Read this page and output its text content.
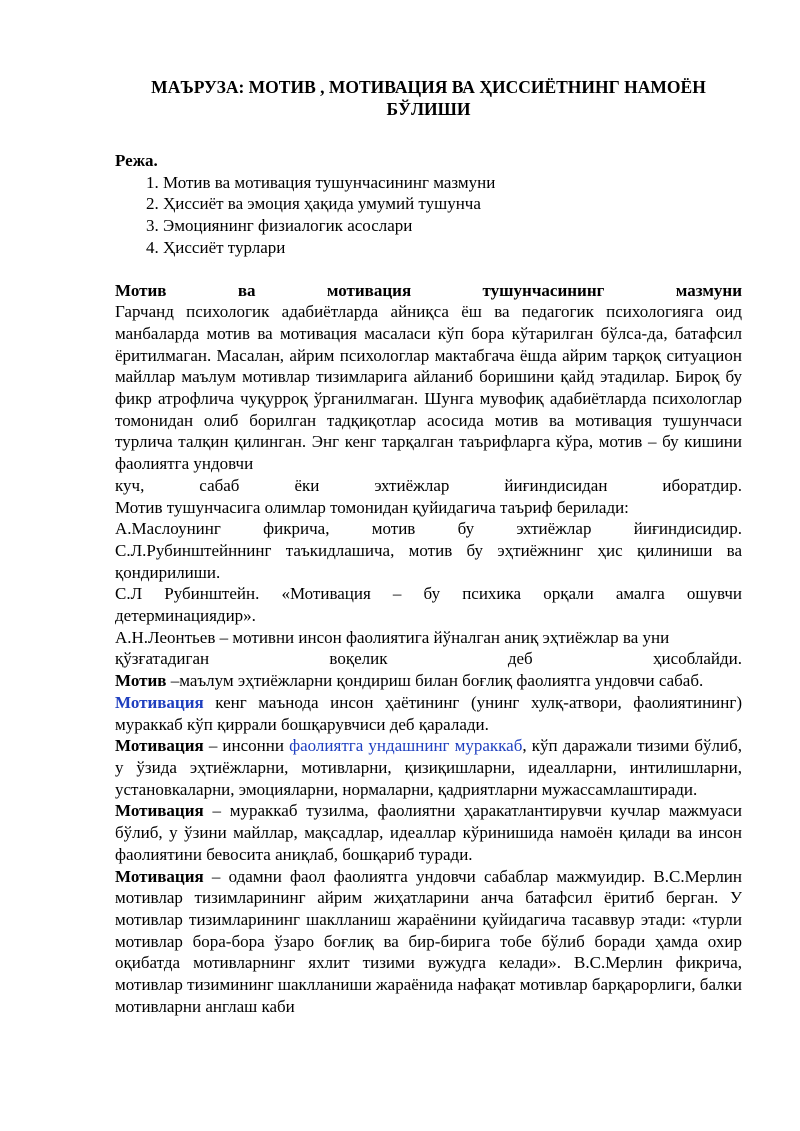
МАЪРУЗА: МОТИВ , МОТИВАЦИЯ ВА ҲИССИЁТНИНГ НАМОЁН БЎЛИШИ

Режа.

1. Мотив ва мотивация тушунчасининг мазмуни
2. Ҳиссиёт ва эмоция ҳақида умумий тушунча
3. Эмоциянинг физиалогик асослари
4. Ҳиссиёт турлари

Мотив ва мотивация тушунчасининг мазмуни

Гарчанд психологик адабиётларда айниқса ёш ва педагогик психологияга оид манбаларда мотив ва мотивация масаласи кўп бора кўтарилган бўлса-да, батафсил ёритилмаган. Масалан, айрим психологлар мактабгача ёшда айрим тарқоқ ситуацион майллар маълум мотивлар тизимларига айланиб боришини қайд этадилар. Бироқ бу фикр атрофлича чуқурроқ ўрганилмаган. Шунга мувофиқ адабиётларда психологлар томонидан олиб борилган тадқиқотлар асосида мотив ва мотивация тушунчаси турлича талқин қилинган. Энг кенг тарқалган таърифларга кўра, мотив – бу кишини фаолиятга ундовчи

куч, сабаб ёки эхтиёжлар йиғиндисидан иборатдир.

Мотив тушунчасига олимлар томонидан қуйидагича таъриф берилади:

А.Маслоунинг фикрича, мотив бу эхтиёжлар йиғиндисидир.

С.Л.Рубинштейннинг таъкидлашича, мотив бу эҳтиёжнинг ҳис қилиниши ва қондирилиши.

С.Л Рубинштейн. «Мотивация – бу психика орқали амалга ошувчи детерминациядир».

А.Н.Леонтьев – мотивни инсон фаолиятига йўналган аниқ эҳтиёжлар ва уни

қўзғатадиган воқелик деб ҳисоблайди.

Мотив –маълум эҳтиёжларни қондириш билан боғлиқ фаолиятга ундовчи сабаб.

Мотивация кенг маънода инсон ҳаётининг (унинг хулқ-атвори, фаолиятининг) мураккаб кўп қиррали бошқарувчиси деб қаралади.

Мотивация – инсонни фаолиятга ундашнинг мураккаб, кўп даражали тизими бўлиб, у ўзида эҳтиёжларни, мотивларни, қизиқишларни, идеалларни, интилишларни, установкаларни, эмоцияларни, нормаларни, қадриятларни мужассамлаштиради.

Мотивация – мураккаб тузилма, фаолиятни ҳаракатлантирувчи кучлар мажмуаси бўлиб, у ўзини майллар, мақсадлар, идеаллар кўринишида намоён қилади ва инсон фаолиятини бевосита аниқлаб, бошқариб туради.

Мотивация – одамни фаол фаолиятга ундовчи сабаблар мажмуидир. В.С.Мерлин мотивлар тизимларининг айрим жиҳатларини анча батафсил ёритиб берган. У мотивлар тизимларининг шаклланиш жараёнини қуйидагича тасаввур этади: «турли мотивлар бора-бора ўзаро боғлиқ ва бир-бирига тобе бўлиб боради ҳамда охир оқибатда мотивларнинг яхлит тизими вужудга келади». В.С.Мерлин фикрича, мотивлар тизимининг шаклланиши жараёнида нафақат мотивлар барқарорлиги, балки мотивларни англаш каби
